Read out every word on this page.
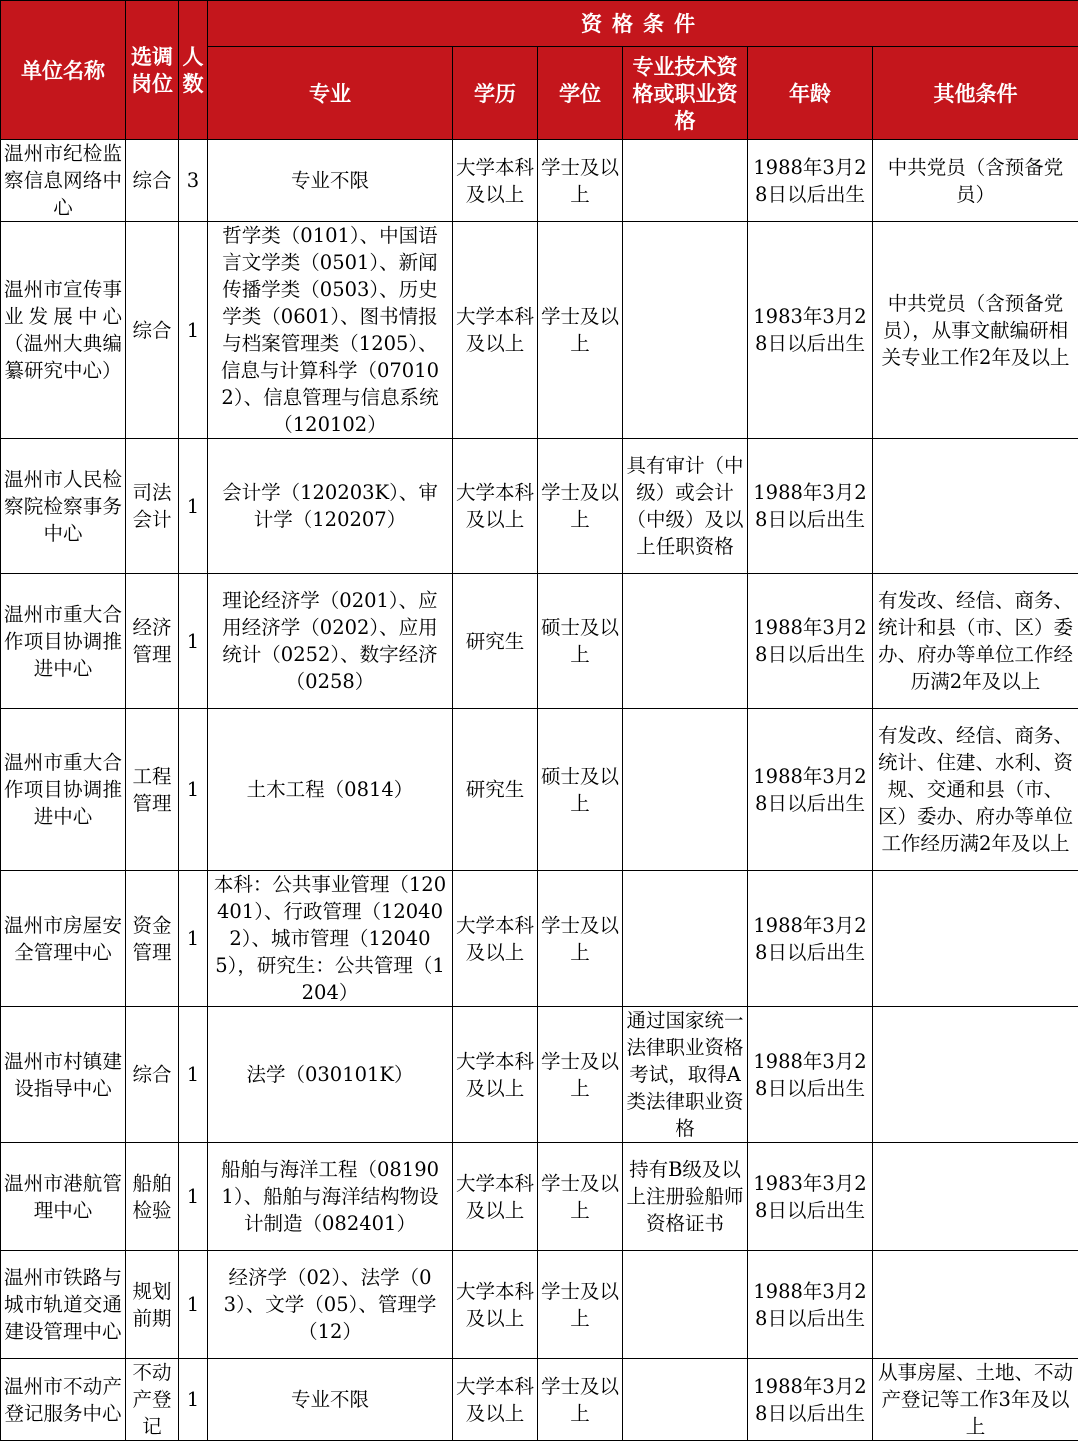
单位名称	选调岗位	人数	资格条件					
			专业	学历	学位	专业技术资格或职业资格	年龄	其他条件
温州市纪检监察信息网络中心	综合	3	专业不限	大学本科及以上	学士及以上		1988年3月28日以后出生	中共党员（含预备党员）
温州市宣传事业发展中心（温州大典编纂研究中心）	综合	1	哲学类（0101）、中国语言文学类（0501）、新闻传播学类（0503）、历史学类（0601）、图书情报与档案管理类（1205）、信息与计算科学（070102）、信息管理与信息系统（120102）	大学本科及以上	学士及以上		1983年3月28日以后出生	中共党员（含预备党员），从事文献编研相关专业工作2年及以上
温州市人民检察院检察事务中心	司法会计	1	会计学（120203K）、审计学（120207）	大学本科及以上	学士及以上	具有审计（中级）或会计（中级）及以上任职资格	1988年3月28日以后出生	
温州市重大合作项目协调推进中心	经济管理	1	理论经济学（0201）、应用经济学（0202）、应用统计（0252）、数字经济（0258）	研究生	硕士及以上		1988年3月28日以后出生	有发改、经信、商务、统计和县（市、区）委办、府办等单位工作经历满2年及以上
温州市重大合作项目协调推进中心	工程管理	1	土木工程（0814）	研究生	硕士及以上		1988年3月28日以后出生	有发改、经信、商务、统计、住建、水利、资规、交通和县（市、区）委办、府办等单位工作经历满2年及以上
温州市房屋安全管理中心	资金管理	1	本科：公共事业管理（120401）、行政管理（120402）、城市管理（120405），研究生：公共管理（1204）	大学本科及以上	学士及以上		1988年3月28日以后出生	
温州市村镇建设指导中心	综合	1	法学（030101K）	大学本科及以上	学士及以上	通过国家统一法律职业资格考试，取得A类法律职业资格	1988年3月28日以后出生	
温州市港航管理中心	船舶检验	1	船舶与海洋工程（081901）、船舶与海洋结构物设计制造（082401）	大学本科及以上	学士及以上	持有B级及以上注册验船师资格证书	1983年3月28日以后出生	
温州市铁路与城市轨道交通建设管理中心	规划前期	1	经济学（02）、法学（03）、文学（05）、管理学（12）	大学本科及以上	学士及以上		1988年3月28日以后出生	
温州市不动产登记服务中心	不动产登记	1	专业不限	大学本科及以上	学士及以上		1988年3月28日以后出生	从事房屋、土地、不动产登记等工作3年及以上
